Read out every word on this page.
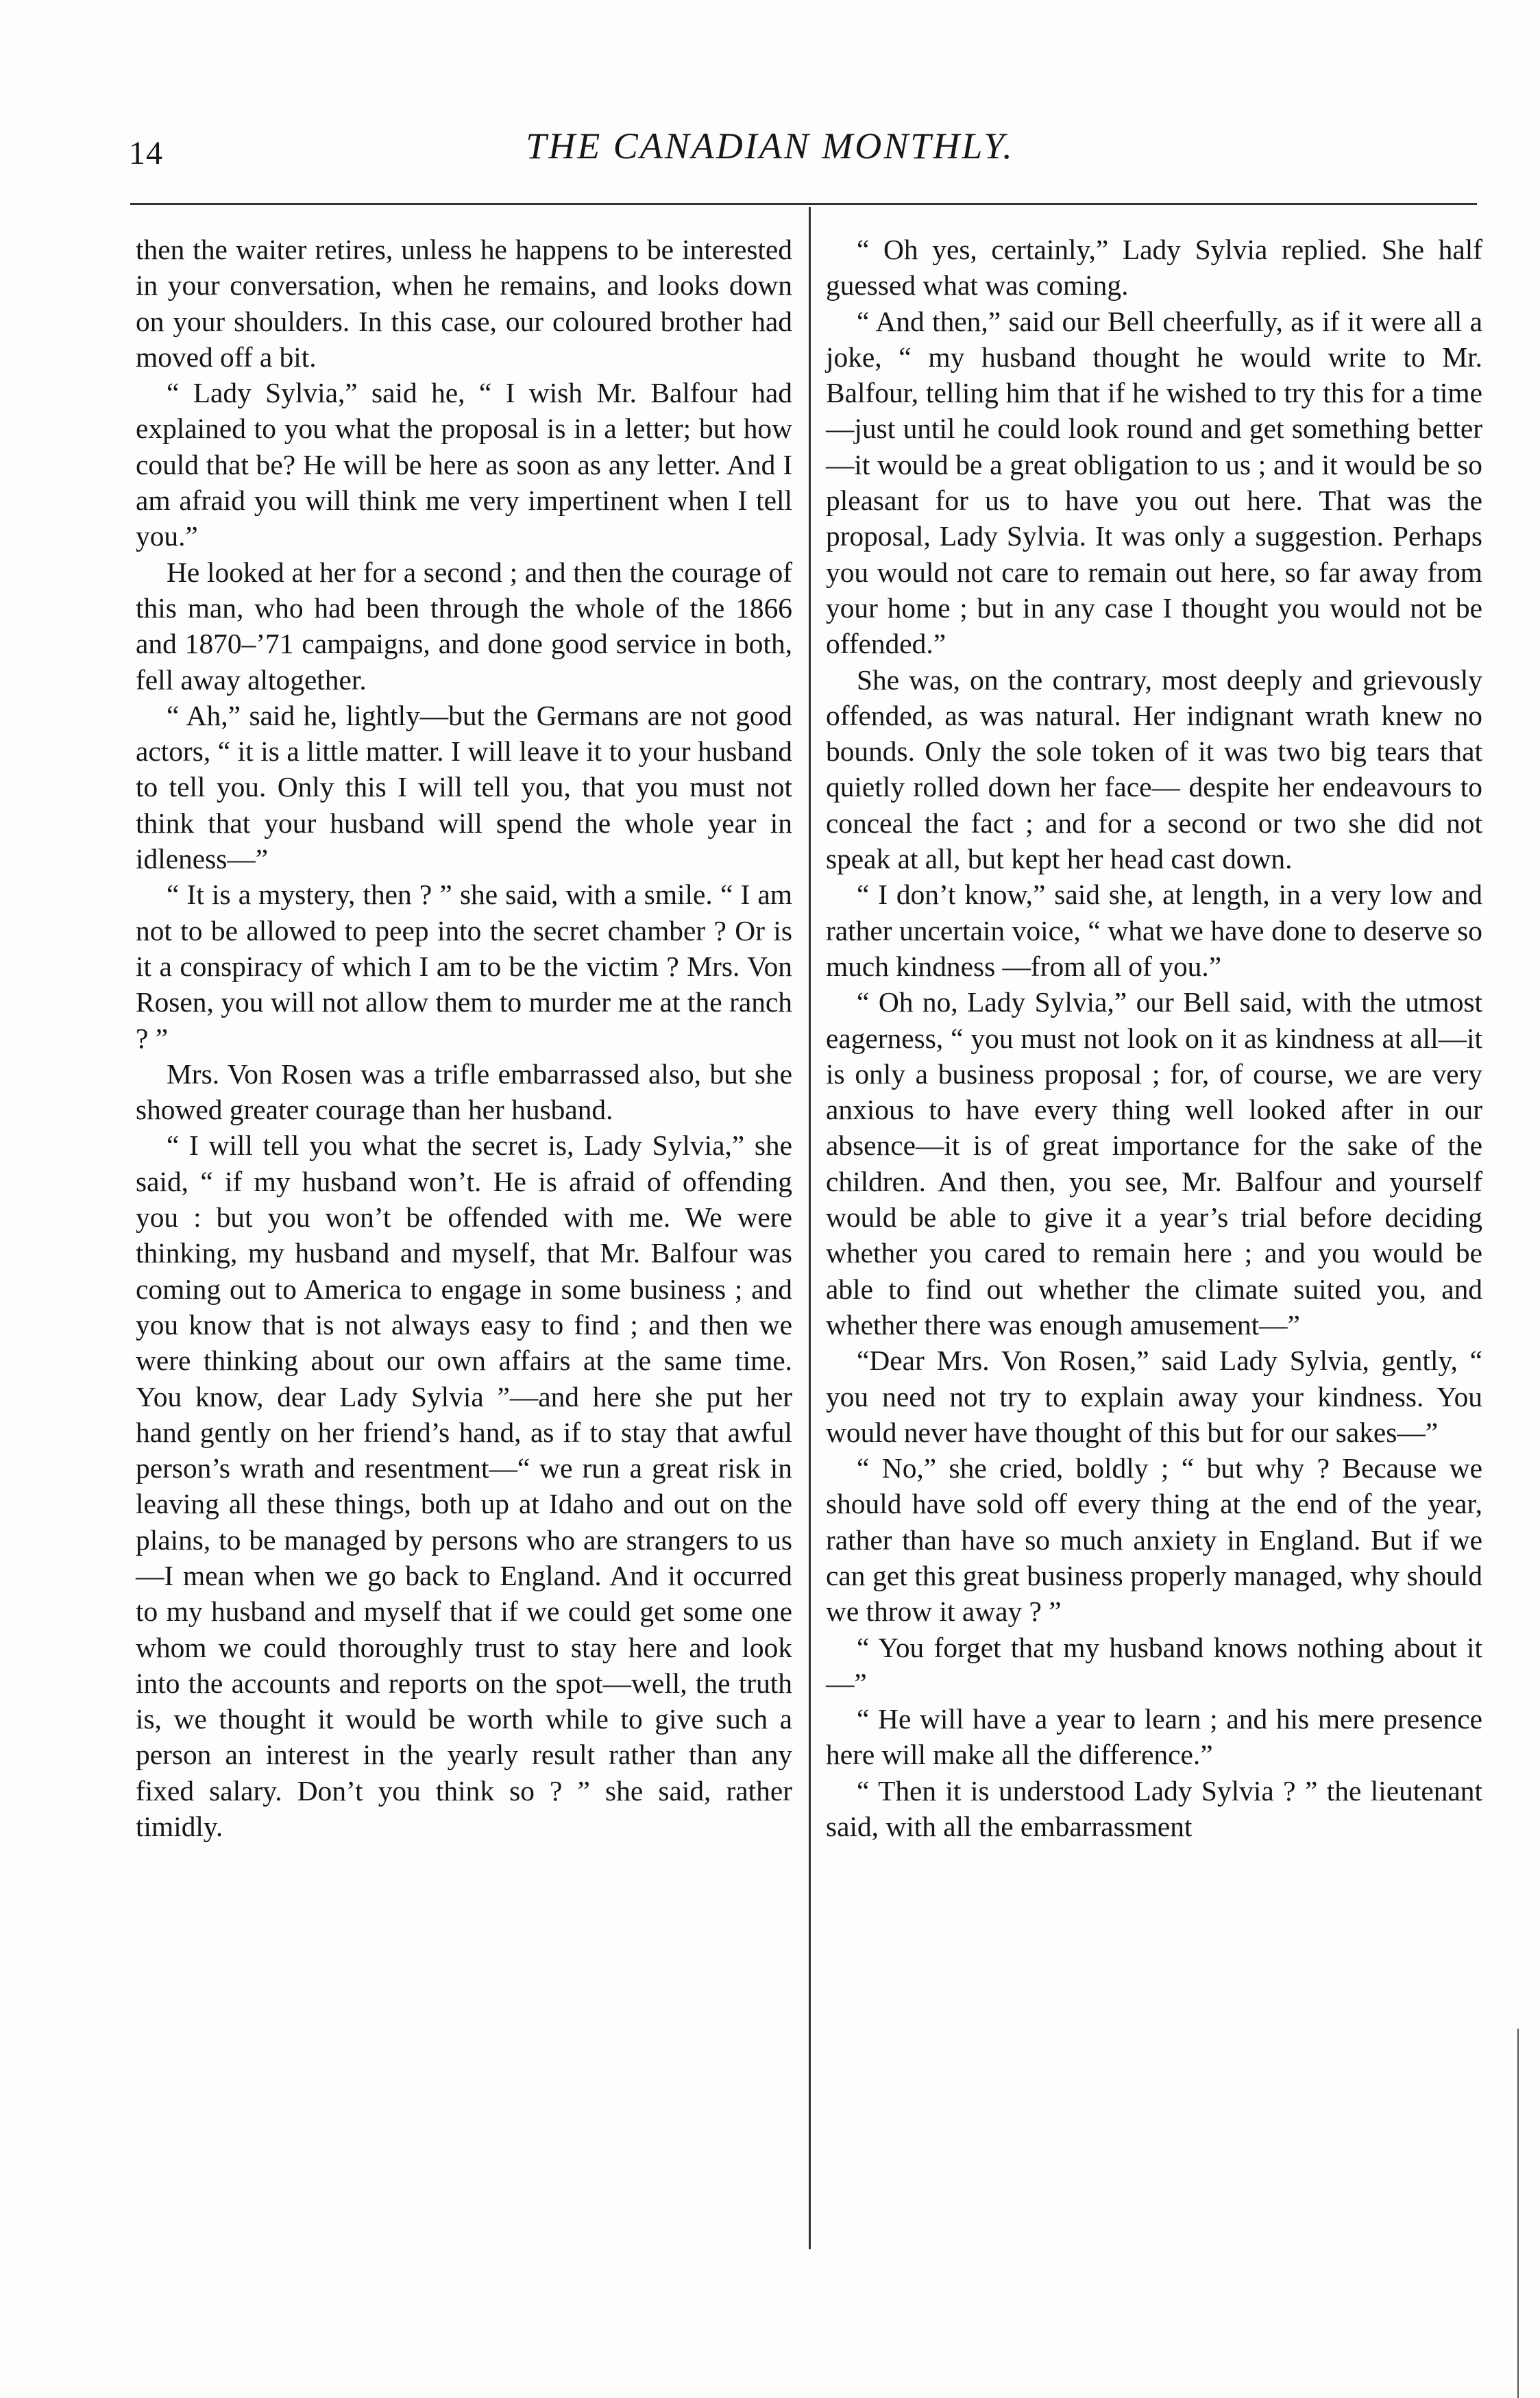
14	THE CANADIAN MONTHLY.

then the waiter retires, unless he happens to be interested in your conversation, when he remains, and looks down on your shoulders. In this case, our coloured brother had moved off a bit.

“ Lady Sylvia,” said he, “ I wish Mr. Balfour had explained to you what the proposal is in a letter; but how could that be? He will be here as soon as any letter. And I am afraid you will think me very impertinent when I tell you.”

He looked at her for a second ; and then the courage of this man, who had been through the whole of the 1866 and 1870–’71 campaigns, and done good service in both, fell away altogether.

“ Ah,” said he, lightly—but the Germans are not good actors, “ it is a little matter. I will leave it to your husband to tell you. Only this I will tell you, that you must not think that your husband will spend the whole year in idleness—”

“ It is a mystery, then ? ” she said, with a smile. “ I am not to be allowed to peep into the secret chamber ? Or is it a conspiracy of which I am to be the victim ? Mrs. Von Rosen, you will not allow them to murder me at the ranch ? ”

Mrs. Von Rosen was a trifle embarrassed also, but she showed greater courage than her husband.

“ I will tell you what the secret is, Lady Sylvia,” she said, “ if my husband won’t. He is afraid of offending you : but you won’t be offended with me. We were thinking, my husband and myself, that Mr. Balfour was coming out to America to engage in some business ; and you know that is not always easy to find ; and then we were thinking about our own affairs at the same time. You know, dear Lady Sylvia ”—and here she put her hand gently on her friend’s hand, as if to stay that awful person’s wrath and resentment—“ we run a great risk in leaving all these things, both up at Idaho and out on the plains, to be managed by persons who are strangers to us—I mean when we go back to England. And it occurred to my husband and myself that if we could get some one whom we could thoroughly trust to stay here and look into the accounts and reports on the spot—well, the truth is, we thought it would be worth while to give such a person an interest in the yearly result rather than any fixed salary. Don’t you think so ? ” she said, rather timidly.

“ Oh yes, certainly,” Lady Sylvia replied. She half guessed what was coming.

“ And then,” said our Bell cheerfully, as if it were all a joke, “ my husband thought he would write to Mr. Balfour, telling him that if he wished to try this for a time—just until he could look round and get something better—it would be a great obligation to us ; and it would be so pleasant for us to have you out here. That was the proposal, Lady Sylvia. It was only a suggestion. Perhaps you would not care to remain out here, so far away from your home ; but in any case I thought you would not be offended.”

She was, on the contrary, most deeply and grievously offended, as was natural. Her indignant wrath knew no bounds. Only the sole token of it was two big tears that quietly rolled down her face— despite her endeavours to conceal the fact ; and for a second or two she did not speak at all, but kept her head cast down.

“ I don’t know,” said she, at length, in a very low and rather uncertain voice, “ what we have done to deserve so much kindness —from all of you.”

“ Oh no, Lady Sylvia,” our Bell said, with the utmost eagerness, “ you must not look on it as kindness at all—it is only a business proposal ; for, of course, we are very anxious to have every thing well looked after in our absence—it is of great importance for the sake of the children. And then, you see, Mr. Balfour and yourself would be able to give it a year’s trial before deciding whether you cared to remain here ; and you would be able to find out whether the climate suited you, and whether there was enough amusement—”

“Dear Mrs. Von Rosen,” said Lady Sylvia, gently, “ you need not try to explain away your kindness. You would never have thought of this but for our sakes—”

“ No,” she cried, boldly ; “ but why ? Because we should have sold off every thing at the end of the year, rather than have so much anxiety in England. But if we can get this great business properly managed, why should we throw it away ? ”

“ You forget that my husband knows nothing about it—”

“ He will have a year to learn ; and his mere presence here will make all the difference.”

“ Then it is understood Lady Sylvia ? ” the lieutenant said, with all the embarrassment
